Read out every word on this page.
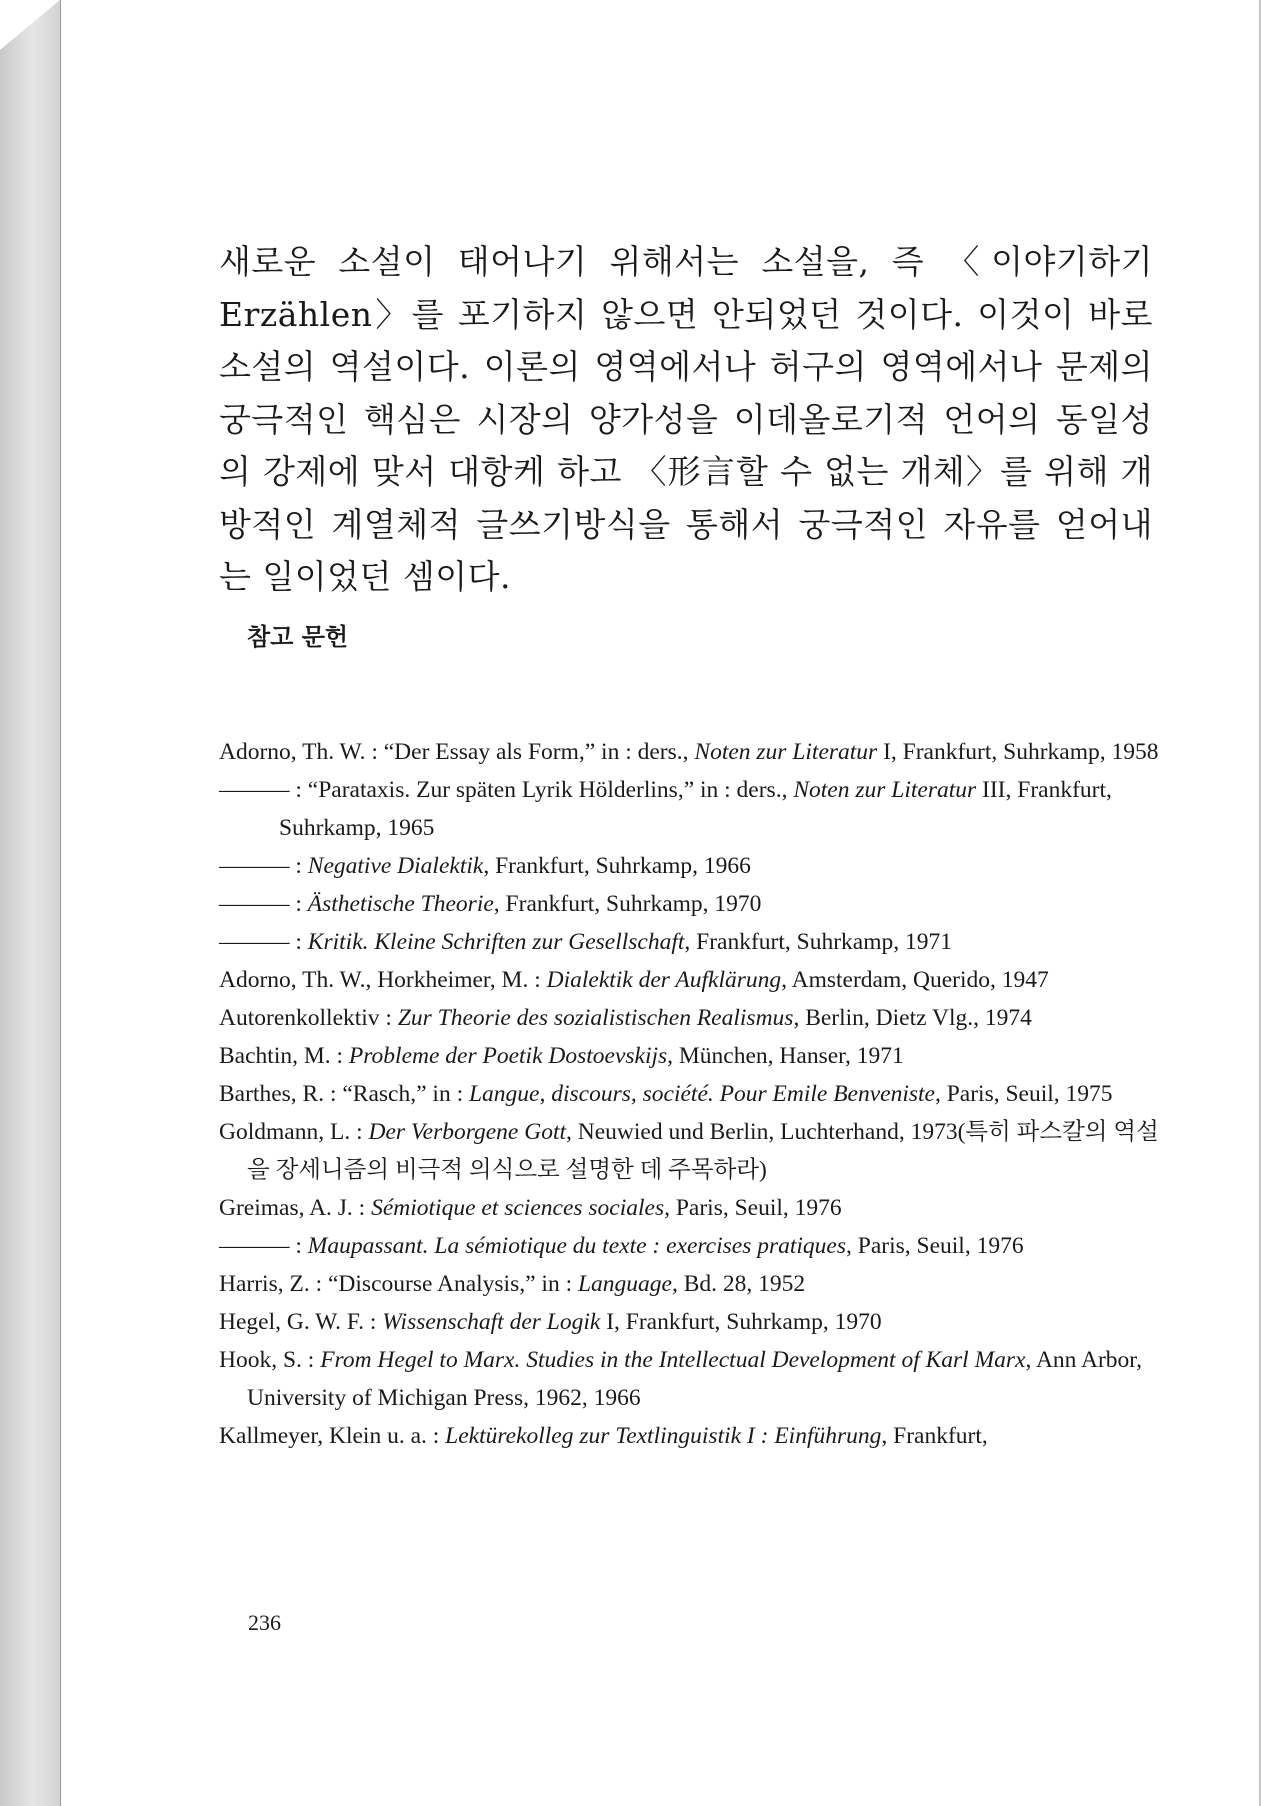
새로운 소설이 태어나기 위해서는 소설을, 즉 〈이야기하기 Erzählen〉를 포기하지 않으면 안되었던 것이다. 이것이 바로 소설의 역설이다. 이론의 영역에서나 허구의 영역에서나 문제의 궁극적인 핵심은 시장의 양가성을 이데올로기적 언어의 동일성의 강제에 맞서 대항케 하고 〈形言할 수 없는 개체〉를 위해 개방적인 계열체적 글쓰기방식을 통해서 궁극적인 자유를 얻어내는 일이었던 셈이다.

참고 문헌
Adorno, Th. W. : “Der Essay als Form,” in : ders., Noten zur Literatur I, Frankfurt, Suhrkamp, 1958
——— : “Parataxis. Zur späten Lyrik Hölderlins,” in : ders., Noten zur Literatur III, Frankfurt, Suhrkamp, 1965
——— : Negative Dialektik, Frankfurt, Suhrkamp, 1966
——— : Ästhetische Theorie, Frankfurt, Suhrkamp, 1970
——— : Kritik. Kleine Schriften zur Gesellschaft, Frankfurt, Suhrkamp, 1971
Adorno, Th. W., Horkheimer, M. : Dialektik der Aufklärung, Amsterdam, Querido, 1947
Autorenkollektiv : Zur Theorie des sozialistischen Realismus, Berlin, Dietz Vlg., 1974
Bachtin, M. : Probleme der Poetik Dostoevskijs, München, Hanser, 1971
Barthes, R. : “Rasch,” in : Langue, discours, société. Pour Emile Benveniste, Paris, Seuil, 1975
Goldmann, L. : Der Verborgene Gott, Neuwied und Berlin, Luchterhand, 1973(특히 파스칼의 역설을 장세니즘의 비극적 의식으로 설명한 데 주목하라)
Greimas, A. J. : Sémiotique et sciences sociales, Paris, Seuil, 1976
——— : Maupassant. La sémiotique du texte : exercises pratiques, Paris, Seuil, 1976
Harris, Z. : “Discourse Analysis,” in : Language, Bd. 28, 1952
Hegel, G. W. F. : Wissenschaft der Logik I, Frankfurt, Suhrkamp, 1970
Hook, S. : From Hegel to Marx. Studies in the Intellectual Development of Karl Marx, Ann Arbor, University of Michigan Press, 1962, 1966
Kallmeyer, Klein u. a. : Lektürekolleg zur Textlinguistik I : Einführung, Frankfurt,
236
